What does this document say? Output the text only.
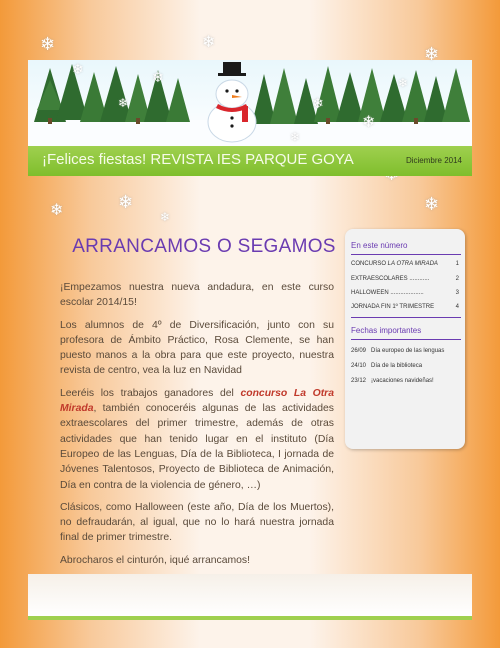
❄
❄	❄
❄
❄
❄
❄
❄
❄
❄
❄
❄	❄
❄
¡Felices fiestas! REVISTA IES PARQUE GOYA	Diciembre 2014
ARRANCAMOS O SEGAMOS

¡Empezamos nuestra nueva andadura, en este curso escolar 2014/15!

Los alumnos de 4º de Diversificación, junto con su profesora de Ámbito Práctico, Rosa Clemente, se han puesto manos a la obra para que este proyecto, nuestra revista de centro, vea la luz en Navidad

Leeréis los trabajos ganadores del concurso La Otra Mirada, también conoceréis algunas de las actividades extraescolares del primer trimestre, además de otras actividades que han tenido lugar en el instituto (Día Europeo de las Lenguas, Día de la Biblioteca, I jornada de Jóvenes Talentosos, Proyecto de Biblioteca de Animación, Día en contra de la violencia de género, …)

Clásicos, como Halloween (este año, Día de los Muertos), no defraudarán, al igual, que no lo hará nuestra jornada final de primer trimestre.

Abrocharos el cinturón, iqué arrancamos!

En este número
CONCURSO LA OTRA MIRADA	1
EXTRAESCOLARES ............	2
HALLOWEEN ....................	3
JORNADA FIN 1º TRIMESTRE	4
Fechas importantes
26/09 Día europeo de las lenguas
24/10 Día de la biblioteca
23/12 ¡vacaciones navideñas!
